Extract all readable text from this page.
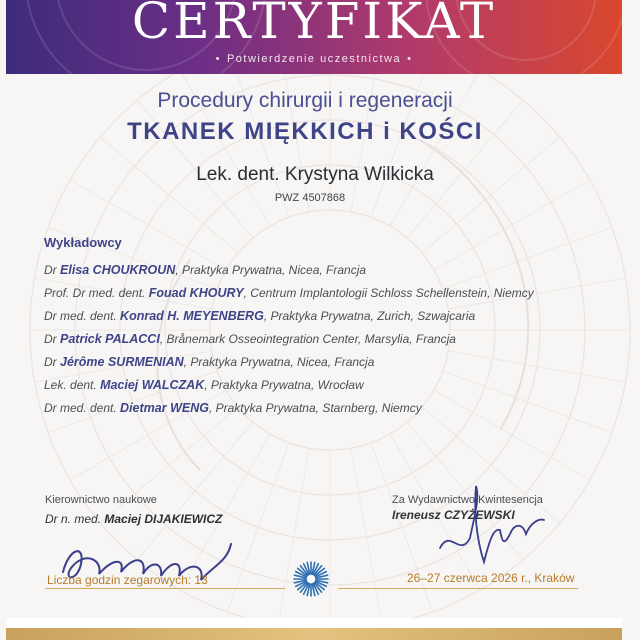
CERTYFIKAT
• Potwierdzenie uczestnictwa •
Procedury chirurgii i regeneracji
TKANEK MIĘKKICH i KOŚCI
Lek. dent. Krystyna Wilkicka
PWZ 4507868
Wykładowcy
Dr Elisa CHOUKROUN, Praktyka Prywatna, Nicea, Francja
Prof. Dr med. dent. Fouad KHOURY, Centrum Implantologii Schloss Schellenstein, Niemcy
Dr med. dent. Konrad H. MEYENBERG, Praktyka Prywatna, Zurich, Szwajcaria
Dr Patrick PALACCI, Brånemark Osseointegration Center, Marsylia, Francja
Dr Jérôme SURMENIAN, Praktyka Prywatna, Nicea, Francja
Lek. dent. Maciej WALCZAK, Praktyka Prywatna, Wrocław
Dr med. dent. Dietmar WENG, Praktyka Prywatna, Starnberg, Niemcy
Kierownictwo naukowe
Dr n. med. Maciej DIJAKIEWICZ
Za Wydawnictwo Kwintesencja
Ireneusz CZYŻEWSKI
Liczba godzin zegarowych: 13	26–27 czerwca 2026 r., Kraków
